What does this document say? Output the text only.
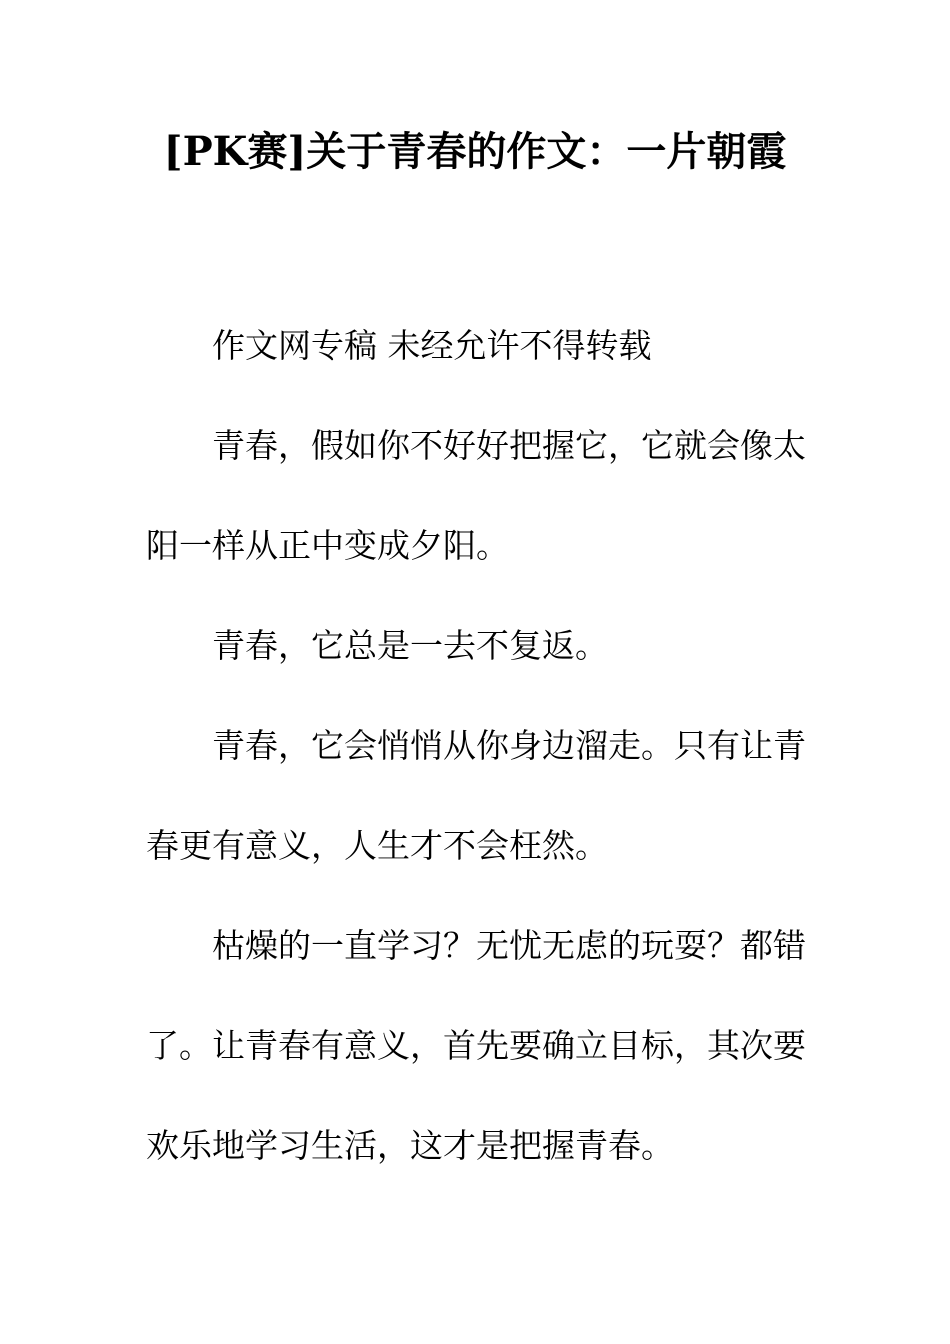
[PK赛]关于青春的作文：一片朝霞

作文网专稿 未经允许不得转载

青春，假如你不好好把握它，它就会像太阳一样从正中变成夕阳。

青春，它总是一去不复返。

青春，它会悄悄从你身边溜走。只有让青春更有意义，人生才不会枉然。

枯燥的一直学习？无忧无虑的玩耍？都错了。让青春有意义，首先要确立目标，其次要欢乐地学习生活，这才是把握青春。
